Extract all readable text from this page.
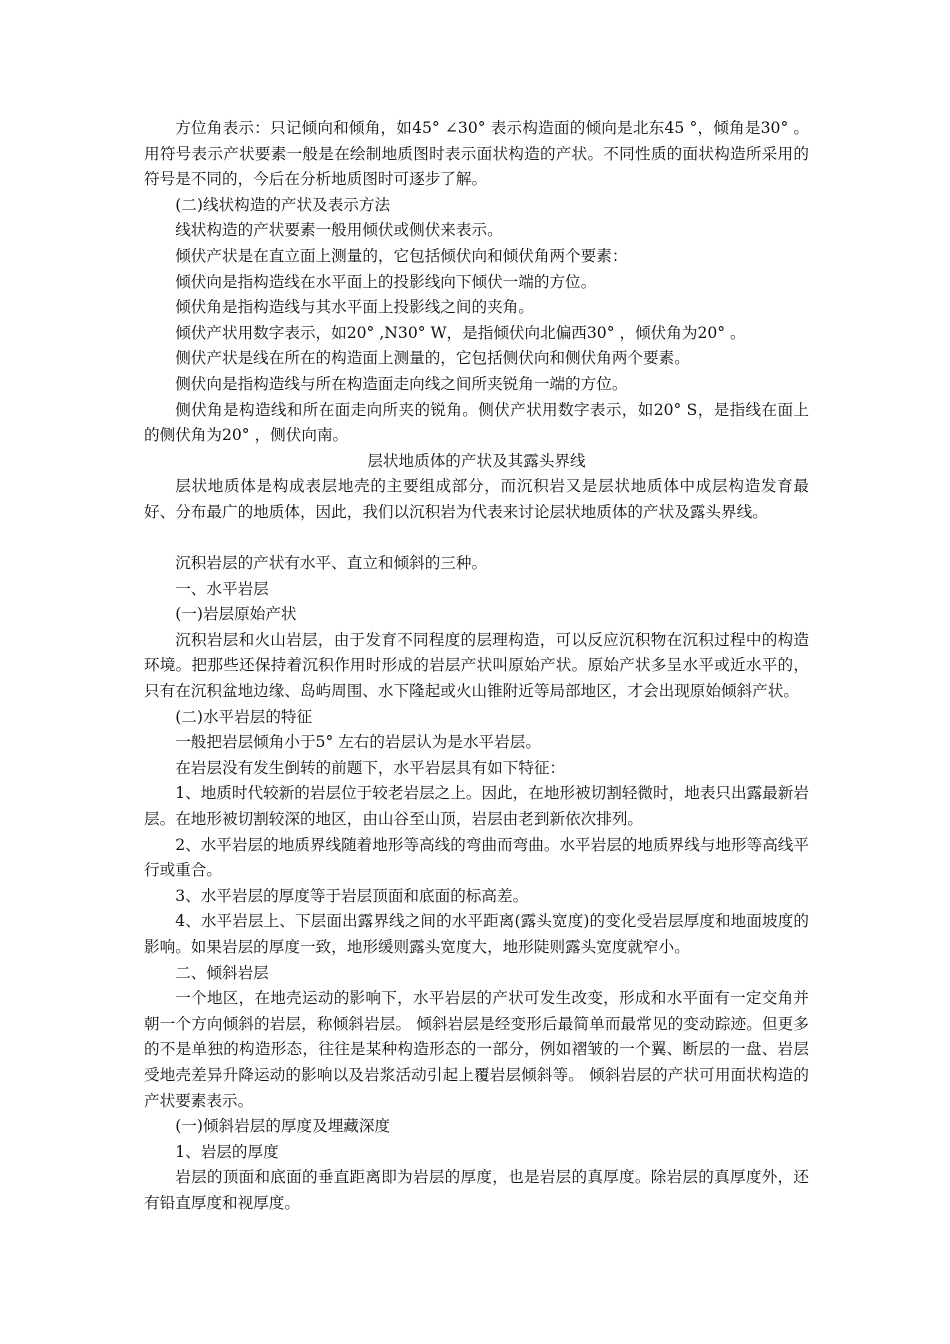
方位角表示：只记倾向和倾角，如45° ∠30° 表示构造面的倾向是北东45 °，倾角是30° 。用符号表示产状要素一般是在绘制地质图时表示面状构造的产状。不同性质的面状构造所采用的符号是不同的，今后在分析地质图时可逐步了解。

(二)线状构造的产状及表示方法

线状构造的产状要素一般用倾伏或侧伏来表示。

倾伏产状是在直立面上测量的，它包括倾伏向和倾伏角两个要素：

倾伏向是指构造线在水平面上的投影线向下倾伏一端的方位。

倾伏角是指构造线与其水平面上投影线之间的夹角。

倾伏产状用数字表示，如20° ,N30° W，是指倾伏向北偏西30° ，倾伏角为20° 。

侧伏产状是线在所在的构造面上测量的，它包括侧伏向和侧伏角两个要素。

侧伏向是指构造线与所在构造面走向线之间所夹锐角一端的方位。

侧伏角是构造线和所在面走向所夹的锐角。侧伏产状用数字表示，如20° S，是指线在面上的侧伏角为20° ，侧伏向南。

层状地质体的产状及其露头界线

层状地质体是构成表层地壳的主要组成部分，而沉积岩又是层状地质体中成层构造发育最好、分布最广的地质体，因此，我们以沉积岩为代表来讨论层状地质体的产状及露头界线。

沉积岩层的产状有水平、直立和倾斜的三种。

一、水平岩层

(一)岩层原始产状

沉积岩层和火山岩层，由于发育不同程度的层理构造，可以反应沉积物在沉积过程中的构造环境。把那些还保持着沉积作用时形成的岩层产状叫原始产状。原始产状多呈水平或近水平的，只有在沉积盆地边缘、岛屿周围、水下隆起或火山锥附近等局部地区，才会出现原始倾斜产状。

(二)水平岩层的特征

一般把岩层倾角小于5° 左右的岩层认为是水平岩层。

在岩层没有发生倒转的前题下，水平岩层具有如下特征：

1、地质时代较新的岩层位于较老岩层之上。因此，在地形被切割轻微时，地表只出露最新岩层。在地形被切割较深的地区，由山谷至山顶，岩层由老到新依次排列。

2、水平岩层的地质界线随着地形等高线的弯曲而弯曲。水平岩层的地质界线与地形等高线平行或重合。

3、水平岩层的厚度等于岩层顶面和底面的标高差。

4、水平岩层上、下层面出露界线之间的水平距离(露头宽度)的变化受岩层厚度和地面坡度的影响。如果岩层的厚度一致，地形缓则露头宽度大，地形陡则露头宽度就窄小。

二、倾斜岩层

一个地区，在地壳运动的影响下，水平岩层的产状可发生改变，形成和水平面有一定交角并朝一个方向倾斜的岩层，称倾斜岩层。 倾斜岩层是经变形后最简单而最常见的变动踪迹。但更多的不是单独的构造形态，往往是某种构造形态的一部分，例如褶皱的一个翼、断层的一盘、岩层受地壳差异升降运动的影响以及岩浆活动引起上覆岩层倾斜等。 倾斜岩层的产状可用面状构造的产状要素表示。

(一)倾斜岩层的厚度及埋藏深度

1、岩层的厚度

岩层的顶面和底面的垂直距离即为岩层的厚度，也是岩层的真厚度。除岩层的真厚度外，还有铅直厚度和视厚度。
